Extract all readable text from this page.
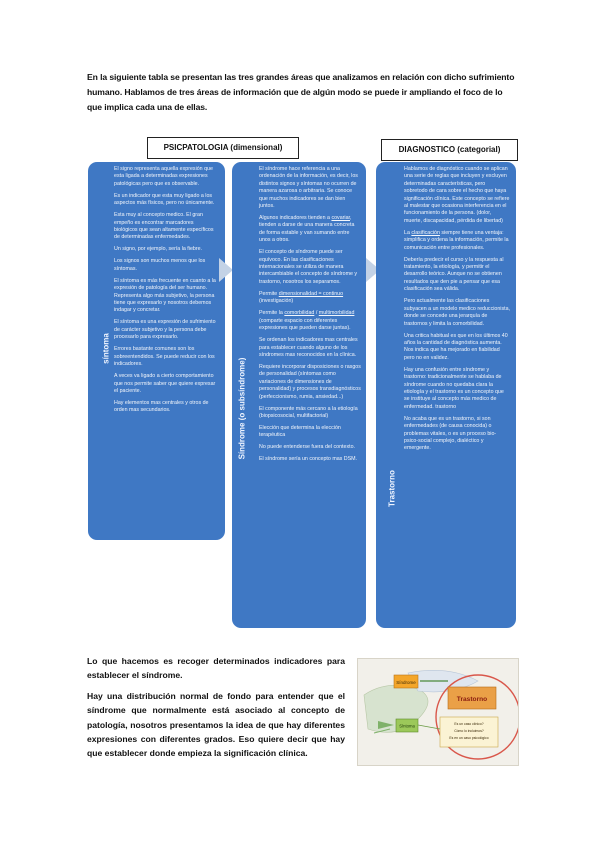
En la siguiente tabla se presentan las tres grandes áreas que analizamos en relación con dicho sufrimiento humano. Hablamos de tres áreas de información que de algún modo se puede ir ampliando el foco de lo que implica cada una de ellas.
PSICPATOLOGIA (dimensional)	DIAGNOSTICO (categorial)
síntoma

El signo representa aquella expresión que esta ligada a determinadas expresiones patológicas pero que es observable.

Es un indicador que esta muy ligado a los aspectos más físicos, pero no únicamente.

Esta muy al concepto medico. El gran empeño es encontrar marcadores biológicos que sean altamente específicos de determinadas enfermedades.

Un signo, por ejemplo, sería la fiebre.

Los signos son muchos menos que los síntomas.

El síntoma es más frecuente en cuanto a la expresión de patología del ser humano. Representa algo más subjetivo, la persona tiene que expresarlo y nosotros debemos indagar y concretar.

El síntoma es una expresión de sufrimiento de carácter subjetivo y la persona debe procesarlo para expresarlo.

Errores bastante comunes son los sobreentendidos. Se puede reducir con los indicadores.

A veces va ligado a cierto comportamiento que nos permite saber que quiere expresar el paciente.

Hay elementos mas centrales y otros de orden mas secundarios.	Síndrome (o subsíndrome)

El síndrome hace referencia a una ordenación de la información, es decir, los distintos signos y síntomas no ocurren de manera azarosa o arbitraria. Se conoce que muchos indicadores se dan bien juntos.

Algunos indicadores tienden a covariar, tienden a darse de una manera concreta de forma estable y van sumando entre unos a otros.

El concepto de síndrome puede ser equívoco. En las clasificaciones internacionales se utiliza de manera intercambiable el concepto de síndrome y trastorno, nosotros los separamos.

Permite dimensionalidad = continuo (investigación)

Permite la comorbilidad / multimorbilidad (comparte espacio con diferentes expresiones que pueden darse juntas).

Se ordenan los indicadores mas centrales para establecer cuando alguno de los síndromes mas reconocidos en la clínica.

Requiere incorporar disposiciones o rasgos de personalidad (síntomas como variaciones de dimensiones de personalidad) y procesos transdiagnósticos (perfeccionismo, rumia, ansiedad...)

El componente más cercano a la etiología (biopsicosocial, multifactorial)

Elección que determina la elección terapéutica

No puede entenderse fuera del contexto.

El síndrome sería un concepto mas DSM.

Trastorno

Hablamos de diagnóstico cuando se aplican una serie de reglas que incluyen y excluyen determinadas características, pero sobretodo de cara sobre el hecho que haya significación clínica. Este concepto se refiere al malestar que ocasiona interferencia en el funcionamiento de la persona. (dolor, muerte, discapacidad, pérdida de libertad)

La clasificación siempre tiene una ventaja: simplifica y ordena la información, permite la comunicación entre profesionales.

Debería predecir el curso y la respuesta al tratamiento, la etiología, y permitir el desarrollo teórico. Aunque no se obtienen resultados que den pie a pensar que esa clasificación sea válida.

Pero actualmente las clasificaciones subyacen a un modelo medico reduccionista, donde se concede una jerarquía de trastornos y limita la comorbilidad.

Una critica habitual es que en los últimos 40 años la cantidad de diagnóstica aumenta. Nos indica que ha mejorado en fiabilidad pero no en validez.

Hay una confusión entre síndrome y trastorno: tradicionalmente se hablaba de síndrome cuando no quedaba clara la etiología y el trastorno es un concepto que se instituye al concepto más medico de enfermedad. trastorno

No acaba que es un trastorno, si son enfermedades (de causa conocida) o problemas vitales, o es un proceso bio-psico-social complejo, dialéctico y emergente.

Lo que hacemos es recoger determinados indicadores para establecer el síndrome.

Hay una distribución normal de fondo para entender que el síndrome que normalmente está asociado al concepto de patología, nosotros presentamos la idea de que hay diferentes expresiones con diferentes grados. Eso quiere decir que hay que establecer donde empieza la significación clínica.

Síndrome
Trastorno
Síntoma	Es un caso clínico?
Cómo lo incluimos?
Es en un caso psicológico
